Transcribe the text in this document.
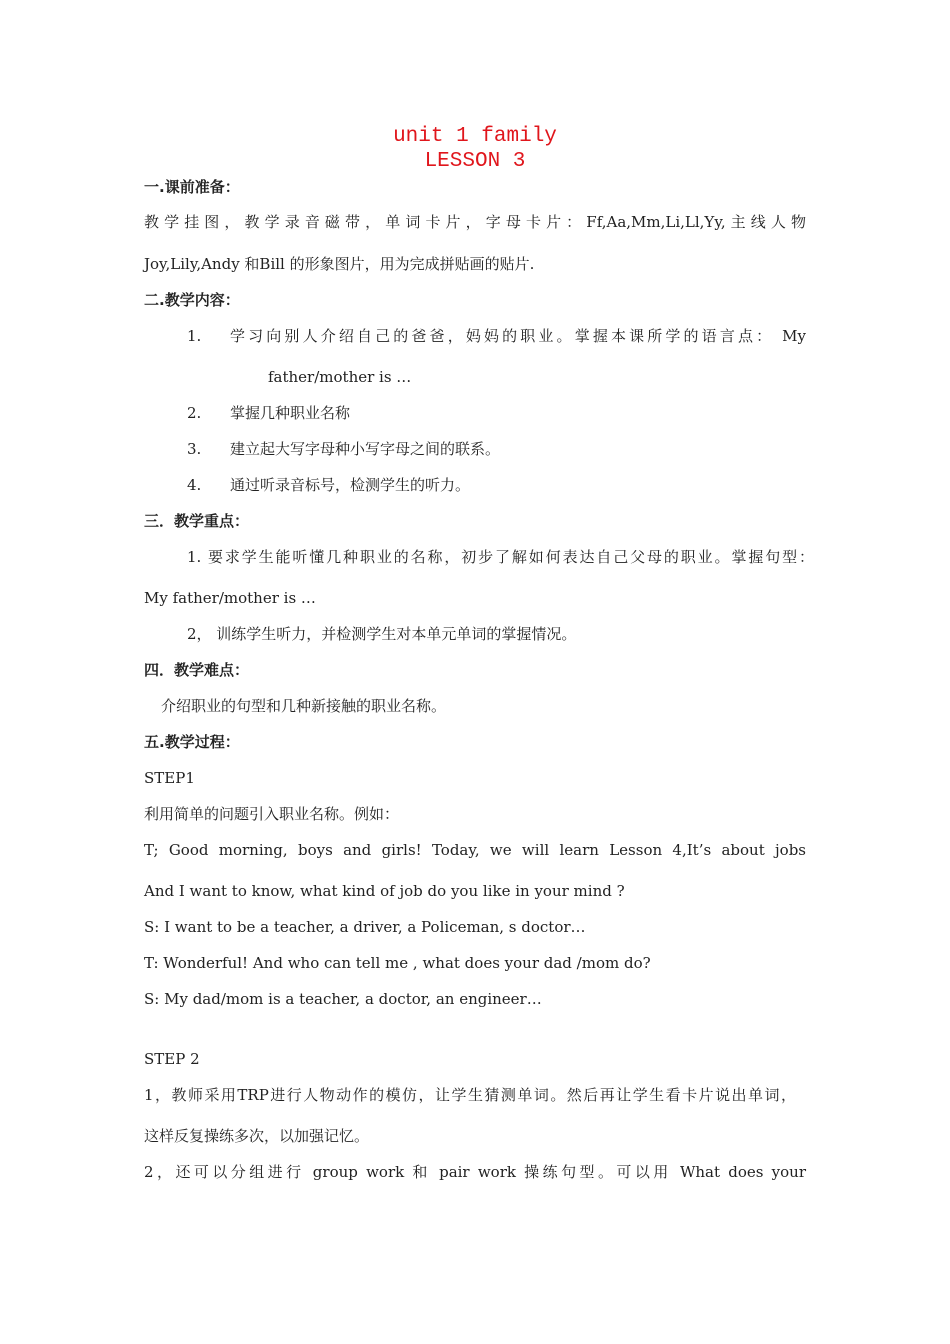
unit 1 family
LESSON 3
一.课前准备：
教学挂图，教学录音磁带，单词卡片，字母卡片：Ff,Aa,Mm,Li,Ll,Yy,主线人物
Joy,Lily,Andy 和Bill 的形象图片，用为完成拼贴画的贴片.
二.教学内容：
1. 学习向别人介绍自己的爸爸，妈妈的职业。掌握本课所学的语言点： My
father/mother is …
2. 掌握几种职业名称
3. 建立起大写字母种小写字母之间的联系。
4. 通过听录音标号，检测学生的听力。
三．教学重点：
1. 要求学生能听懂几种职业的名称，初步了解如何表达自己父母的职业。掌握句型：
My father/mother is …
2， 训练学生听力，并检测学生对本单元单词的掌握情况。
四．教学难点：
介绍职业的句型和几种新接触的职业名称。
五.教学过程：
STEP1
利用简单的问题引入职业名称。例如：
T; Good morning, boys and girls! Today, we will learn Lesson 4,It’s about jobs
And I want to know, what kind of job do you like in your mind ?
S: I want to be a teacher, a driver, a Policeman, s doctor…
T: Wonderful! And who can tell me , what does your dad /mom do?
S: My dad/mom is a teacher, a doctor, an engineer…
STEP 2
1，教师采用TRP进行人物动作的模仿，让学生猜测单词。然后再让学生看卡片说出单词，
这样反复操练多次，以加强记忆。
2，还可以分组进行 group work 和 pair work 操练句型。可以用 What does your
